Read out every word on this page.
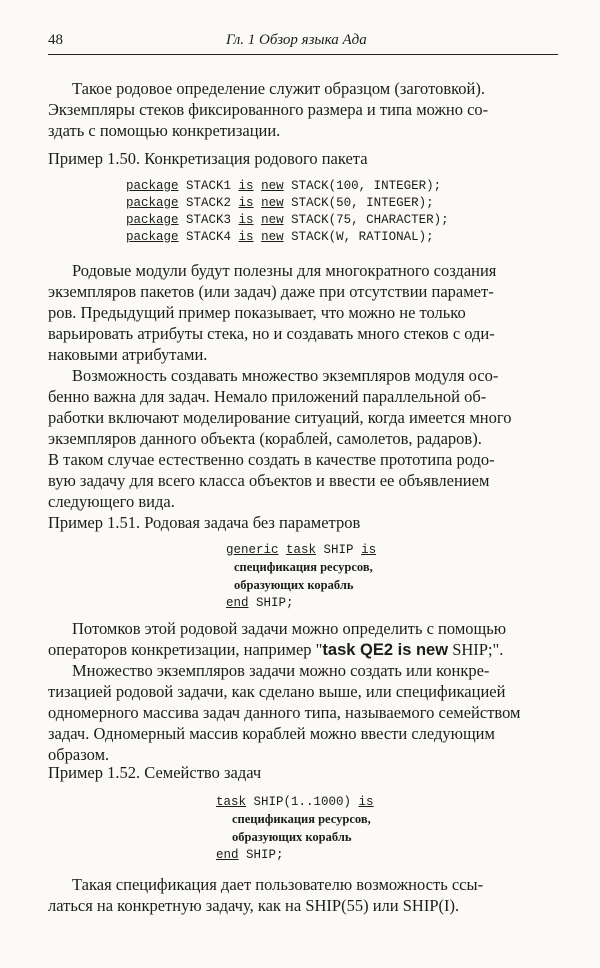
48	Гл. 1 Обзор языка Ада
Такое родовое определение служит образцом (заготовкой).
Экземпляры стеков фиксированного размера и типа можно со-
здать с помощью конкретизации.
Пример 1.50. Конкретизация родового пакета
package STACK1 is new STACK(100, INTEGER);
package STACK2 is new STACK(50, INTEGER);
package STACK3 is new STACK(75, CHARACTER);
package STACK4 is new STACK(W, RATIONAL);
Родовые модули будут полезны для многократного создания
экземпляров пакетов (или задач) даже при отсутствии парамет-
ров. Предыдущий пример показывает, что можно не только
варьировать атрибуты стека, но и создавать много стеков с оди-
наковыми атрибутами.
Возможность создавать множество экземпляров модуля осо-
бенно важна для задач. Немало приложений параллельной об-
работки включают моделирование ситуаций, когда имеется много
экземпляров данного объекта (кораблей, самолетов, радаров).
В таком случае естественно создать в качестве прототипа родо-
вую задачу для всего класса объектов и ввести ее объявлением
следующего вида.
Пример 1.51. Родовая задача без параметров
generic task SHIP is
спецификация ресурсов,
образующих корабль
end SHIP;
Потомков этой родовой задачи можно определить с помощью
операторов конкретизации, например "task QE2 is new SHIP;".
Множество экземпляров задачи можно создать или конкре-
тизацией родовой задачи, как сделано выше, или спецификацией
одномерного массива задач данного типа, называемого семейством
задач. Одномерный массив кораблей можно ввести следующим
образом.
Пример 1.52. Семейство задач
task SHIP(1..1000) is
спецификация ресурсов,
образующих корабль
end SHIP;
Такая спецификация дает пользователю возможность ссы-
латься на конкретную задачу, как на SHIP(55) или SHIP(I).
